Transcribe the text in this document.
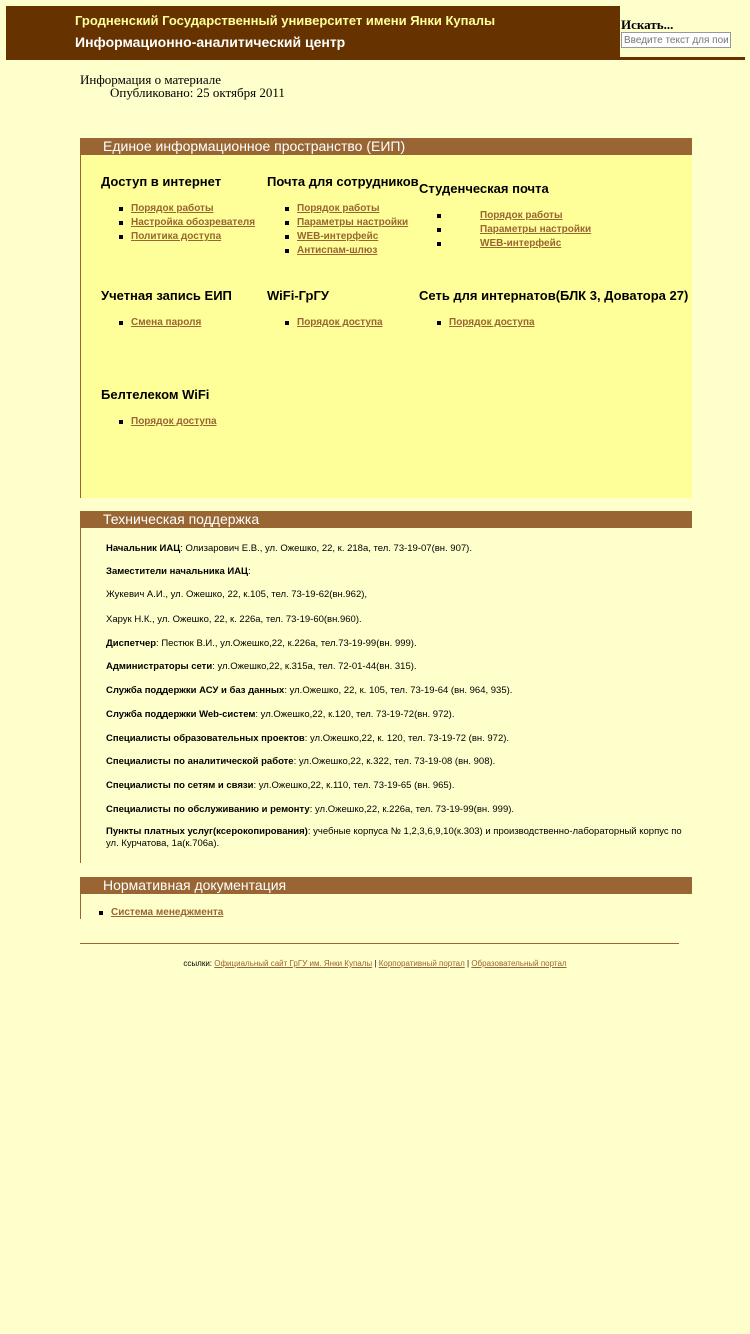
Гродненский Государственный университет имени Янки Купалы
Информационно-аналитический центр
Искать...
Введите текст для поиска...
Информация о материале
Опубликовано: 25 октября 2011
Единое информационное пространство (ЕИП)
Доступ в интернет
Порядок работы
Настройка обозревателя
Политика доступа
Почта для сотрудников
Порядок работы
Параметры настройки
WEB-интерфейс
Антиспам-шлюз
Студенческая почта
Порядок работы
Параметры настройки
WEB-интерфейс
Учетная запись ЕИП
Смена пароля
WiFi-ГрГУ
Порядок доступа
Сеть для интернатов(БЛК 3, Доватора 27)
Порядок доступа
Белтелеком WiFi
Порядок доступа
Техническая поддержка

Начальник ИАЦ: Олизарович Е.В., ул. Ожешко, 22, к. 218а, тел. 73-19-07(вн. 907).

Заместители начальника ИАЦ:

Жукевич А.И., ул. Ожешко, 22, к.105, тел. 73-19-62(вн.962),

Харук Н.К., ул. Ожешко, 22, к. 226а, тел. 73-19-60(вн.960).

Диспетчер: Пестюк В.И., ул.Ожешко,22, к.226а, тел.73-19-99(вн. 999).

Администраторы сети: ул.Ожешко,22, к.315а, тел. 72-01-44(вн. 315).

Служба поддержки АСУ и баз данных: ул.Ожешко, 22, к. 105, тел. 73-19-64 (вн. 964, 935).

Служба поддержки Web-систем: ул.Ожешко,22, к.120, тел. 73-19-72(вн. 972).

Специалисты образовательных проектов: ул.Ожешко,22, к. 120, тел. 73-19-72 (вн. 972).

Специалисты по аналитической работе: ул.Ожешко,22, к.322, тел. 73-19-08 (вн. 908).

Специалисты по сетям и связи: ул.Ожешко,22, к.110, тел. 73-19-65 (вн. 965).

Специалисты по обслуживанию и ремонту: ул.Ожешко,22, к.226а, тел. 73-19-99(вн. 999).

Пункты платных услуг(ксерокопирования): учебные корпуса № 1,2,3,6,9,10(к.303) и производственно-лабораторный корпус по ул. Курчатова, 1а(к.706а).

Нормативная документация
Система менеджмента
ссылки: Официальный сайт ГрГУ им. Янки Купалы | Корпоративный портал | Образовательный портал
